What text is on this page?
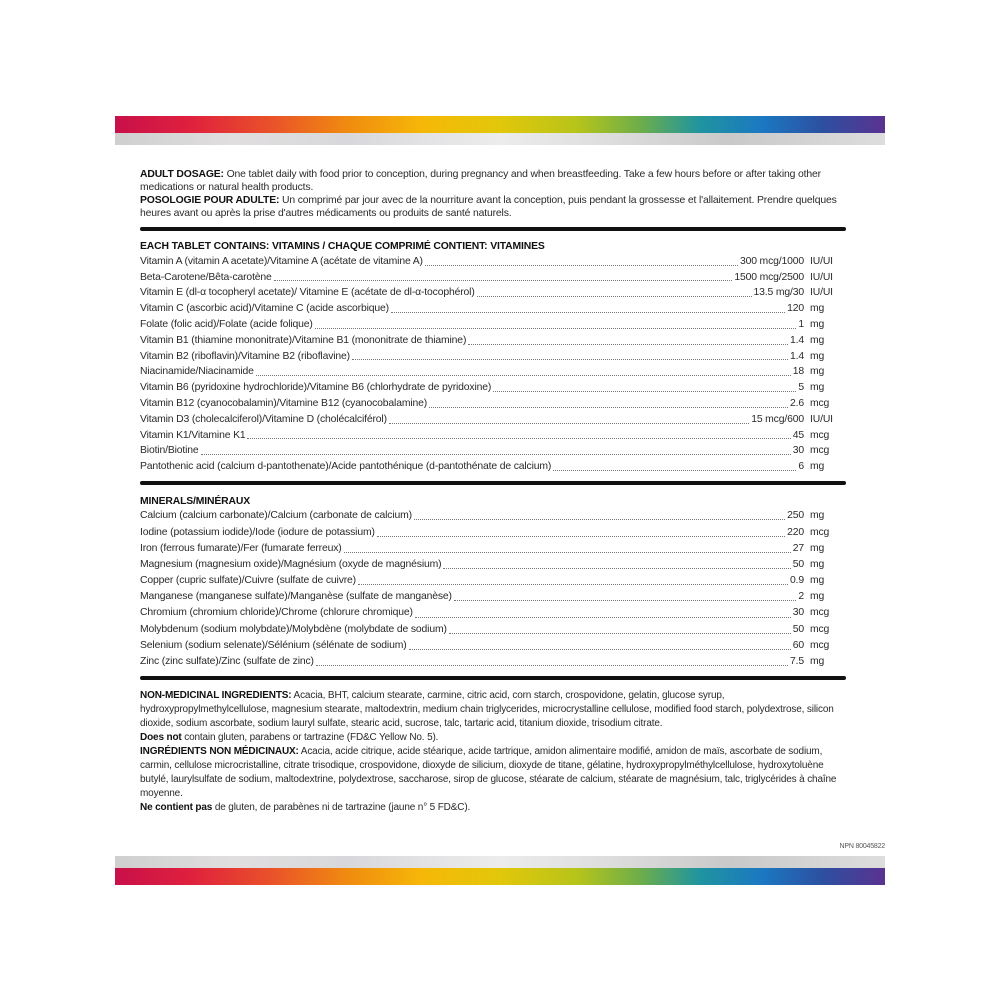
ADULT DOSAGE: One tablet daily with food prior to conception, during pregnancy and when breastfeeding. Take a few hours before or after taking other medications or natural health products.

POSOLOGIE POUR ADULTE: Un comprimé par jour avec de la nourriture avant la conception, puis pendant la grossesse et l'allaitement. Prendre quelques heures avant ou après la prise d'autres médicaments ou produits de santé naturels.

EACH TABLET CONTAINS: VITAMINS / CHAQUE COMPRIMÉ CONTIENT: VITAMINES

Vitamin A (vitamin A acetate)/Vitamine A (acétate de vitamine A)	300 mcg/1000 IU/UI
Beta-Carotene/Bêta-carotène	1500 mcg/2500 IU/UI
Vitamin E (dl-α tocopheryl acetate)/ Vitamine E (acétate de dl-α-tocophérol)	13.5 mg/30 IU/UI
Vitamin C (ascorbic acid)/Vitamine C (acide ascorbique)	120 mg
Folate (folic acid)/Folate (acide folique)	1 mg
Vitamin B1 (thiamine mononitrate)/Vitamine B1 (mononitrate de thiamine)	1.4 mg
Vitamin B2 (riboflavin)/Vitamine B2 (riboflavine)	1.4 mg
Niacinamide/Niacinamide	18 mg
Vitamin B6 (pyridoxine hydrochloride)/Vitamine B6 (chlorhydrate de pyridoxine)	5 mg
Vitamin B12 (cyanocobalamin)/Vitamine B12 (cyanocobalamine)	2.6 mcg
Vitamin D3 (cholecalciferol)/Vitamine D (cholécalciférol)	15 mcg/600 IU/UI
Vitamin K1/Vitamine K1	45 mcg
Biotin/Biotine	30 mcg
Pantothenic acid (calcium d-pantothenate)/Acide pantothénique (d-pantothénate de calcium)	6 mg

MINERALS/MINÉRAUX

Calcium (calcium carbonate)/Calcium (carbonate de calcium)	250 mg
Iodine (potassium iodide)/Iode (iodure de potassium)	220 mcg
Iron (ferrous fumarate)/Fer (fumarate ferreux)	27 mg
Magnesium (magnesium oxide)/Magnésium (oxyde de magnésium)	50 mg
Copper (cupric sulfate)/Cuivre (sulfate de cuivre)	0.9 mg
Manganese (manganese sulfate)/Manganèse (sulfate de manganèse)	2 mg
Chromium (chromium chloride)/Chrome (chlorure chromique)	30 mcg
Molybdenum (sodium molybdate)/Molybdène (molybdate de sodium)	50 mcg
Selenium (sodium selenate)/Sélénium (sélénate de sodium)	60 mcg
Zinc (zinc sulfate)/Zinc (sulfate de zinc)	7.5 mg

NON-MEDICINAL INGREDIENTS: Acacia, BHT, calcium stearate, carmine, citric acid, corn starch, crospovidone, gelatin, glucose syrup, hydroxypropylmethylcellulose, magnesium stearate, maltodextrin, medium chain triglycerides, microcrystalline cellulose, modified food starch, polydextrose, silicon dioxide, sodium ascorbate, sodium lauryl sulfate, stearic acid, sucrose, talc, tartaric acid, titanium dioxide, trisodium citrate.

Does not contain gluten, parabens or tartrazine (FD&C Yellow No. 5).

INGRÉDIENTS NON MÉDICINAUX: Acacia, acide citrique, acide stéarique, acide tartrique, amidon alimentaire modifié, amidon de maïs, ascorbate de sodium, carmin, cellulose microcristalline, citrate trisodique, crospovidone, dioxyde de silicium, dioxyde de titane, gélatine, hydroxypropylméthylcellulose, hydroxytoluène butylé, laurylsulfate de sodium, maltodextrine, polydextrose, saccharose, sirop de glucose, stéarate de calcium, stéarate de magnésium, talc, triglycérides à chaîne moyenne.

Ne contient pas de gluten, de parabènes ni de tartrazine (jaune n° 5 FD&C).

NPN 80045822
